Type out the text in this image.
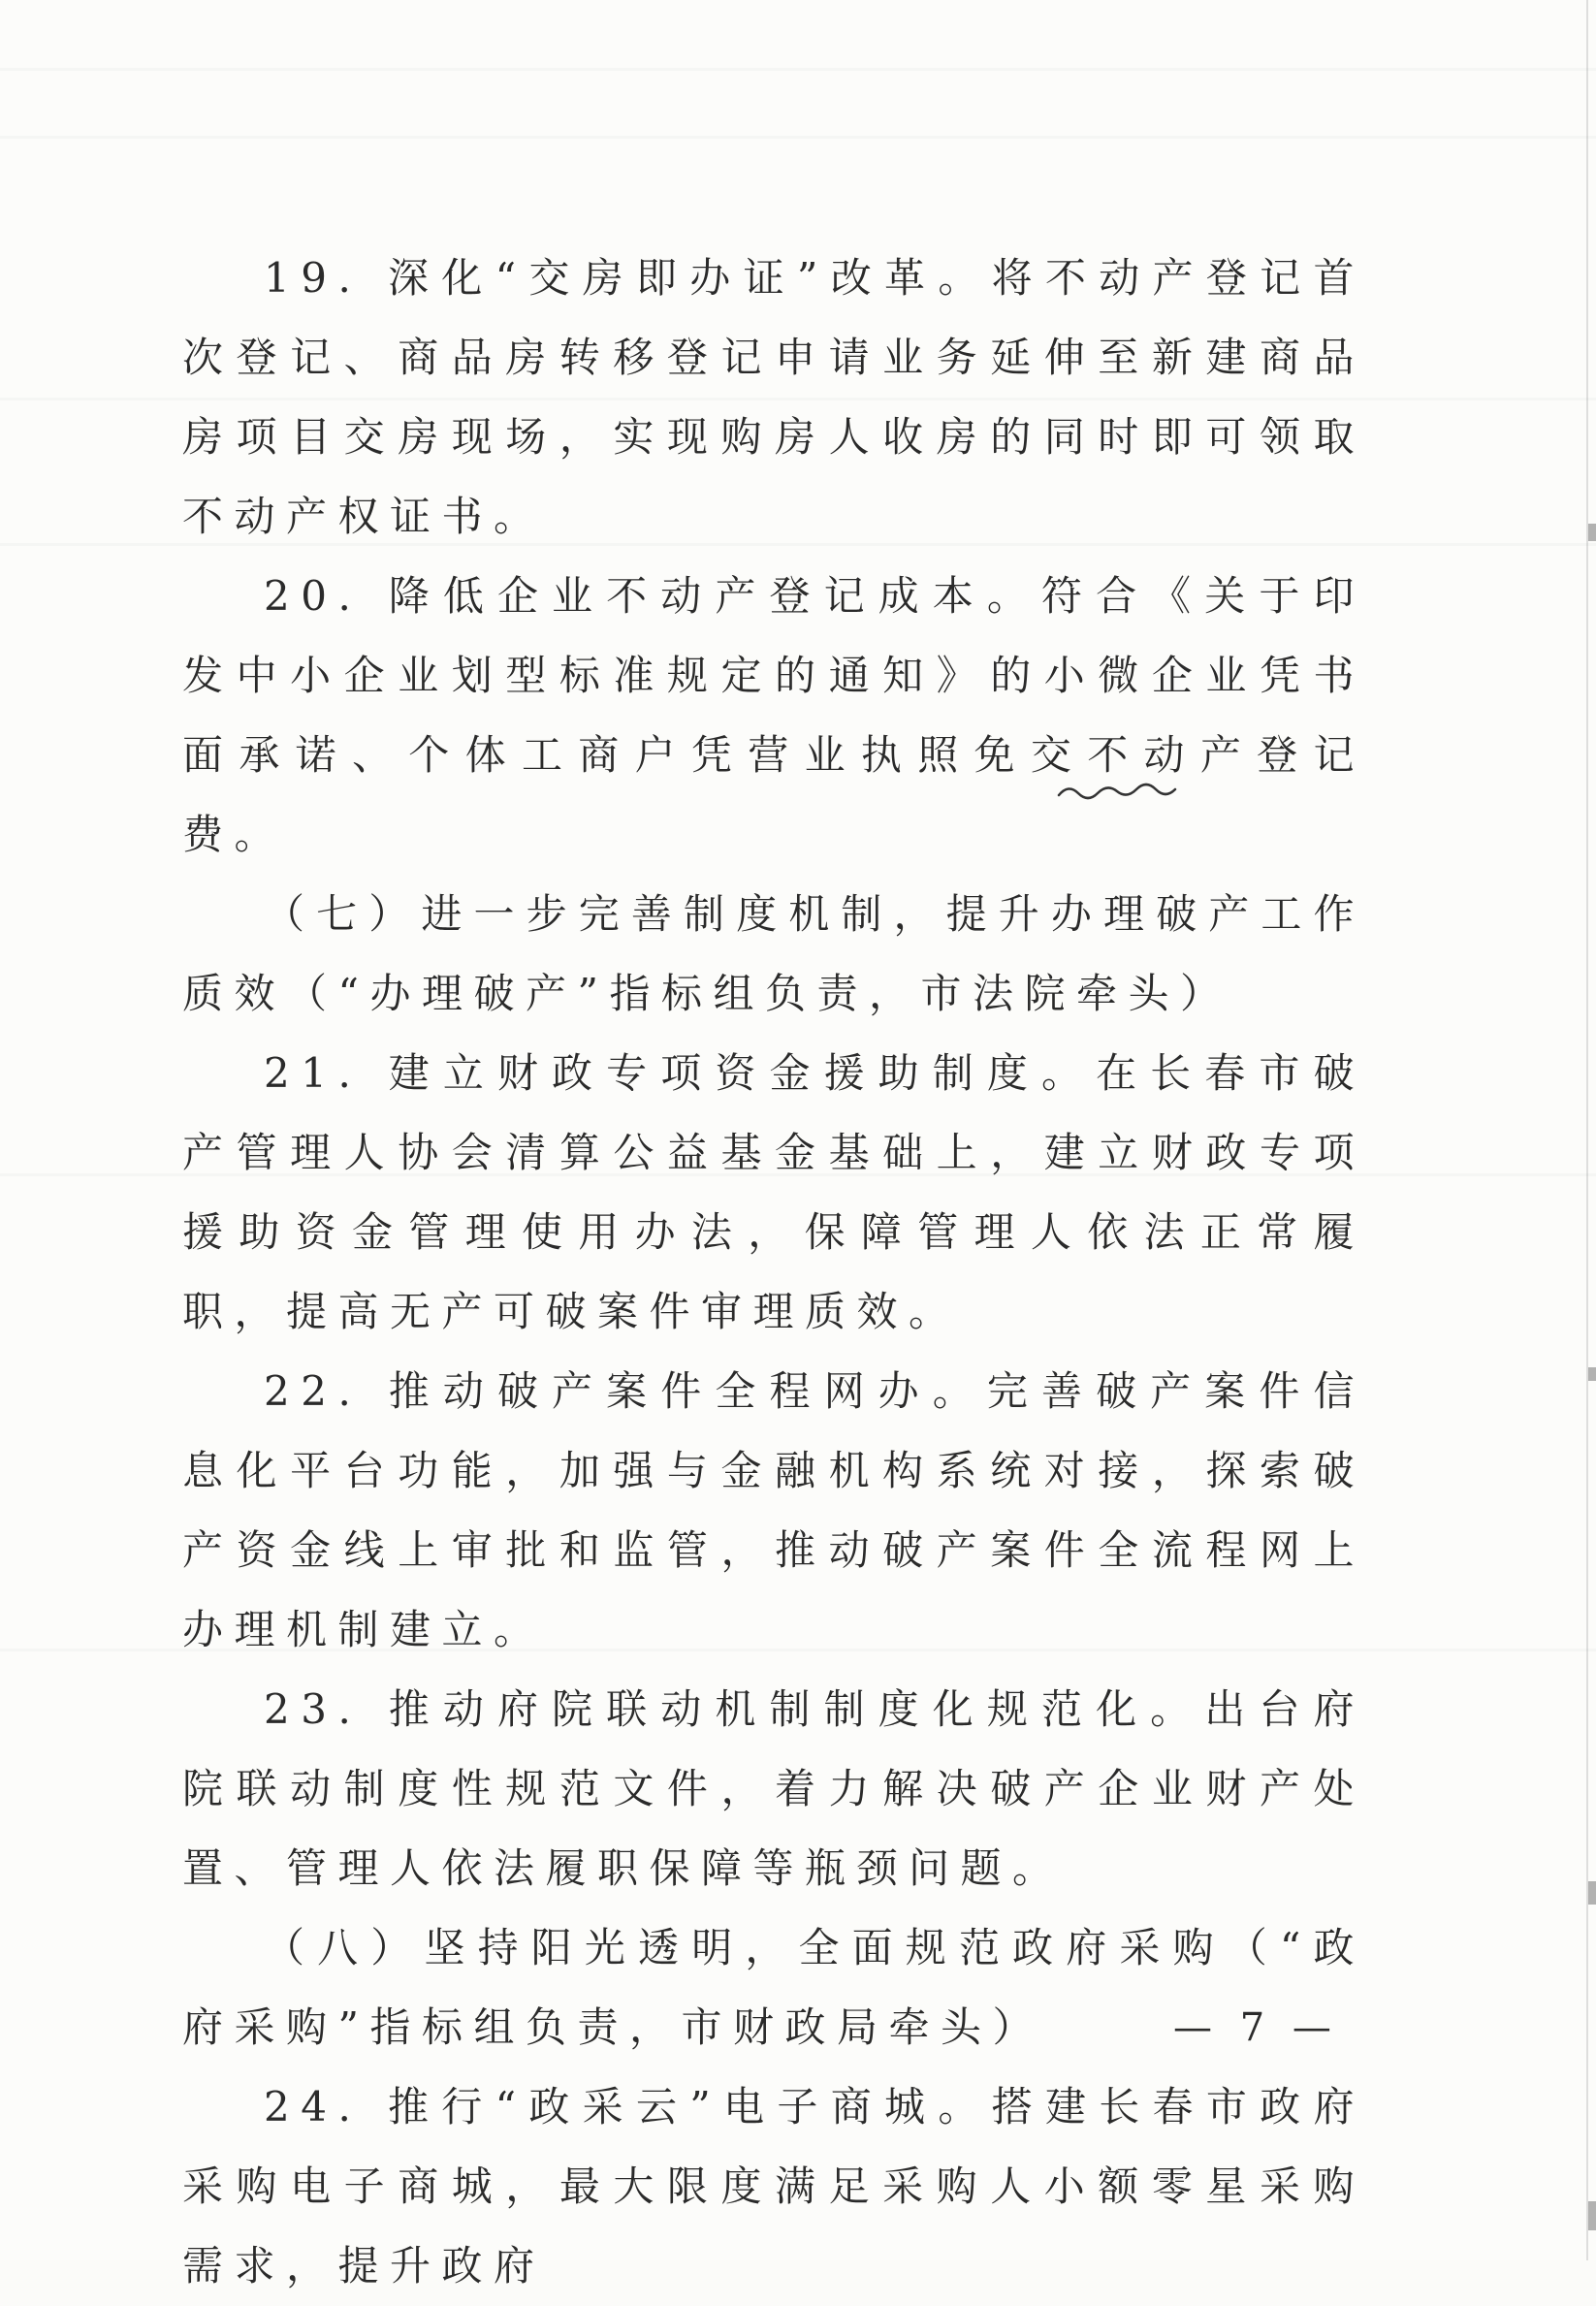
19. 深化“交房即办证”改革。将不动产登记首次登记、商品房转移登记申请业务延伸至新建商品房项目交房现场，实现购房人收房的同时即可领取不动产权证书。

20. 降低企业不动产登记成本。符合《关于印发中小企业划型标准规定的通知》的小微企业凭书面承诺、个体工商户凭营业执照免交不动产登记费。

（七）进一步完善制度机制，提升办理破产工作质效（“办理破产”指标组负责，市法院牵头）

21. 建立财政专项资金援助制度。在长春市破产管理人协会清算公益基金基础上，建立财政专项援助资金管理使用办法，保障管理人依法正常履职，提高无产可破案件审理质效。

22. 推动破产案件全程网办。完善破产案件信息化平台功能，加强与金融机构系统对接，探索破产资金线上审批和监管，推动破产案件全流程网上办理机制建立。

23. 推动府院联动机制制度化规范化。出台府院联动制度性规范文件，着力解决破产企业财产处置、管理人依法履职保障等瓶颈问题。

（八）坚持阳光透明，全面规范政府采购（“政府采购”指标组负责，市财政局牵头）

24. 推行“政采云”电子商城。搭建长春市政府采购电子商城，最大限度满足采购人小额零星采购需求，提升政府

— 7 —
